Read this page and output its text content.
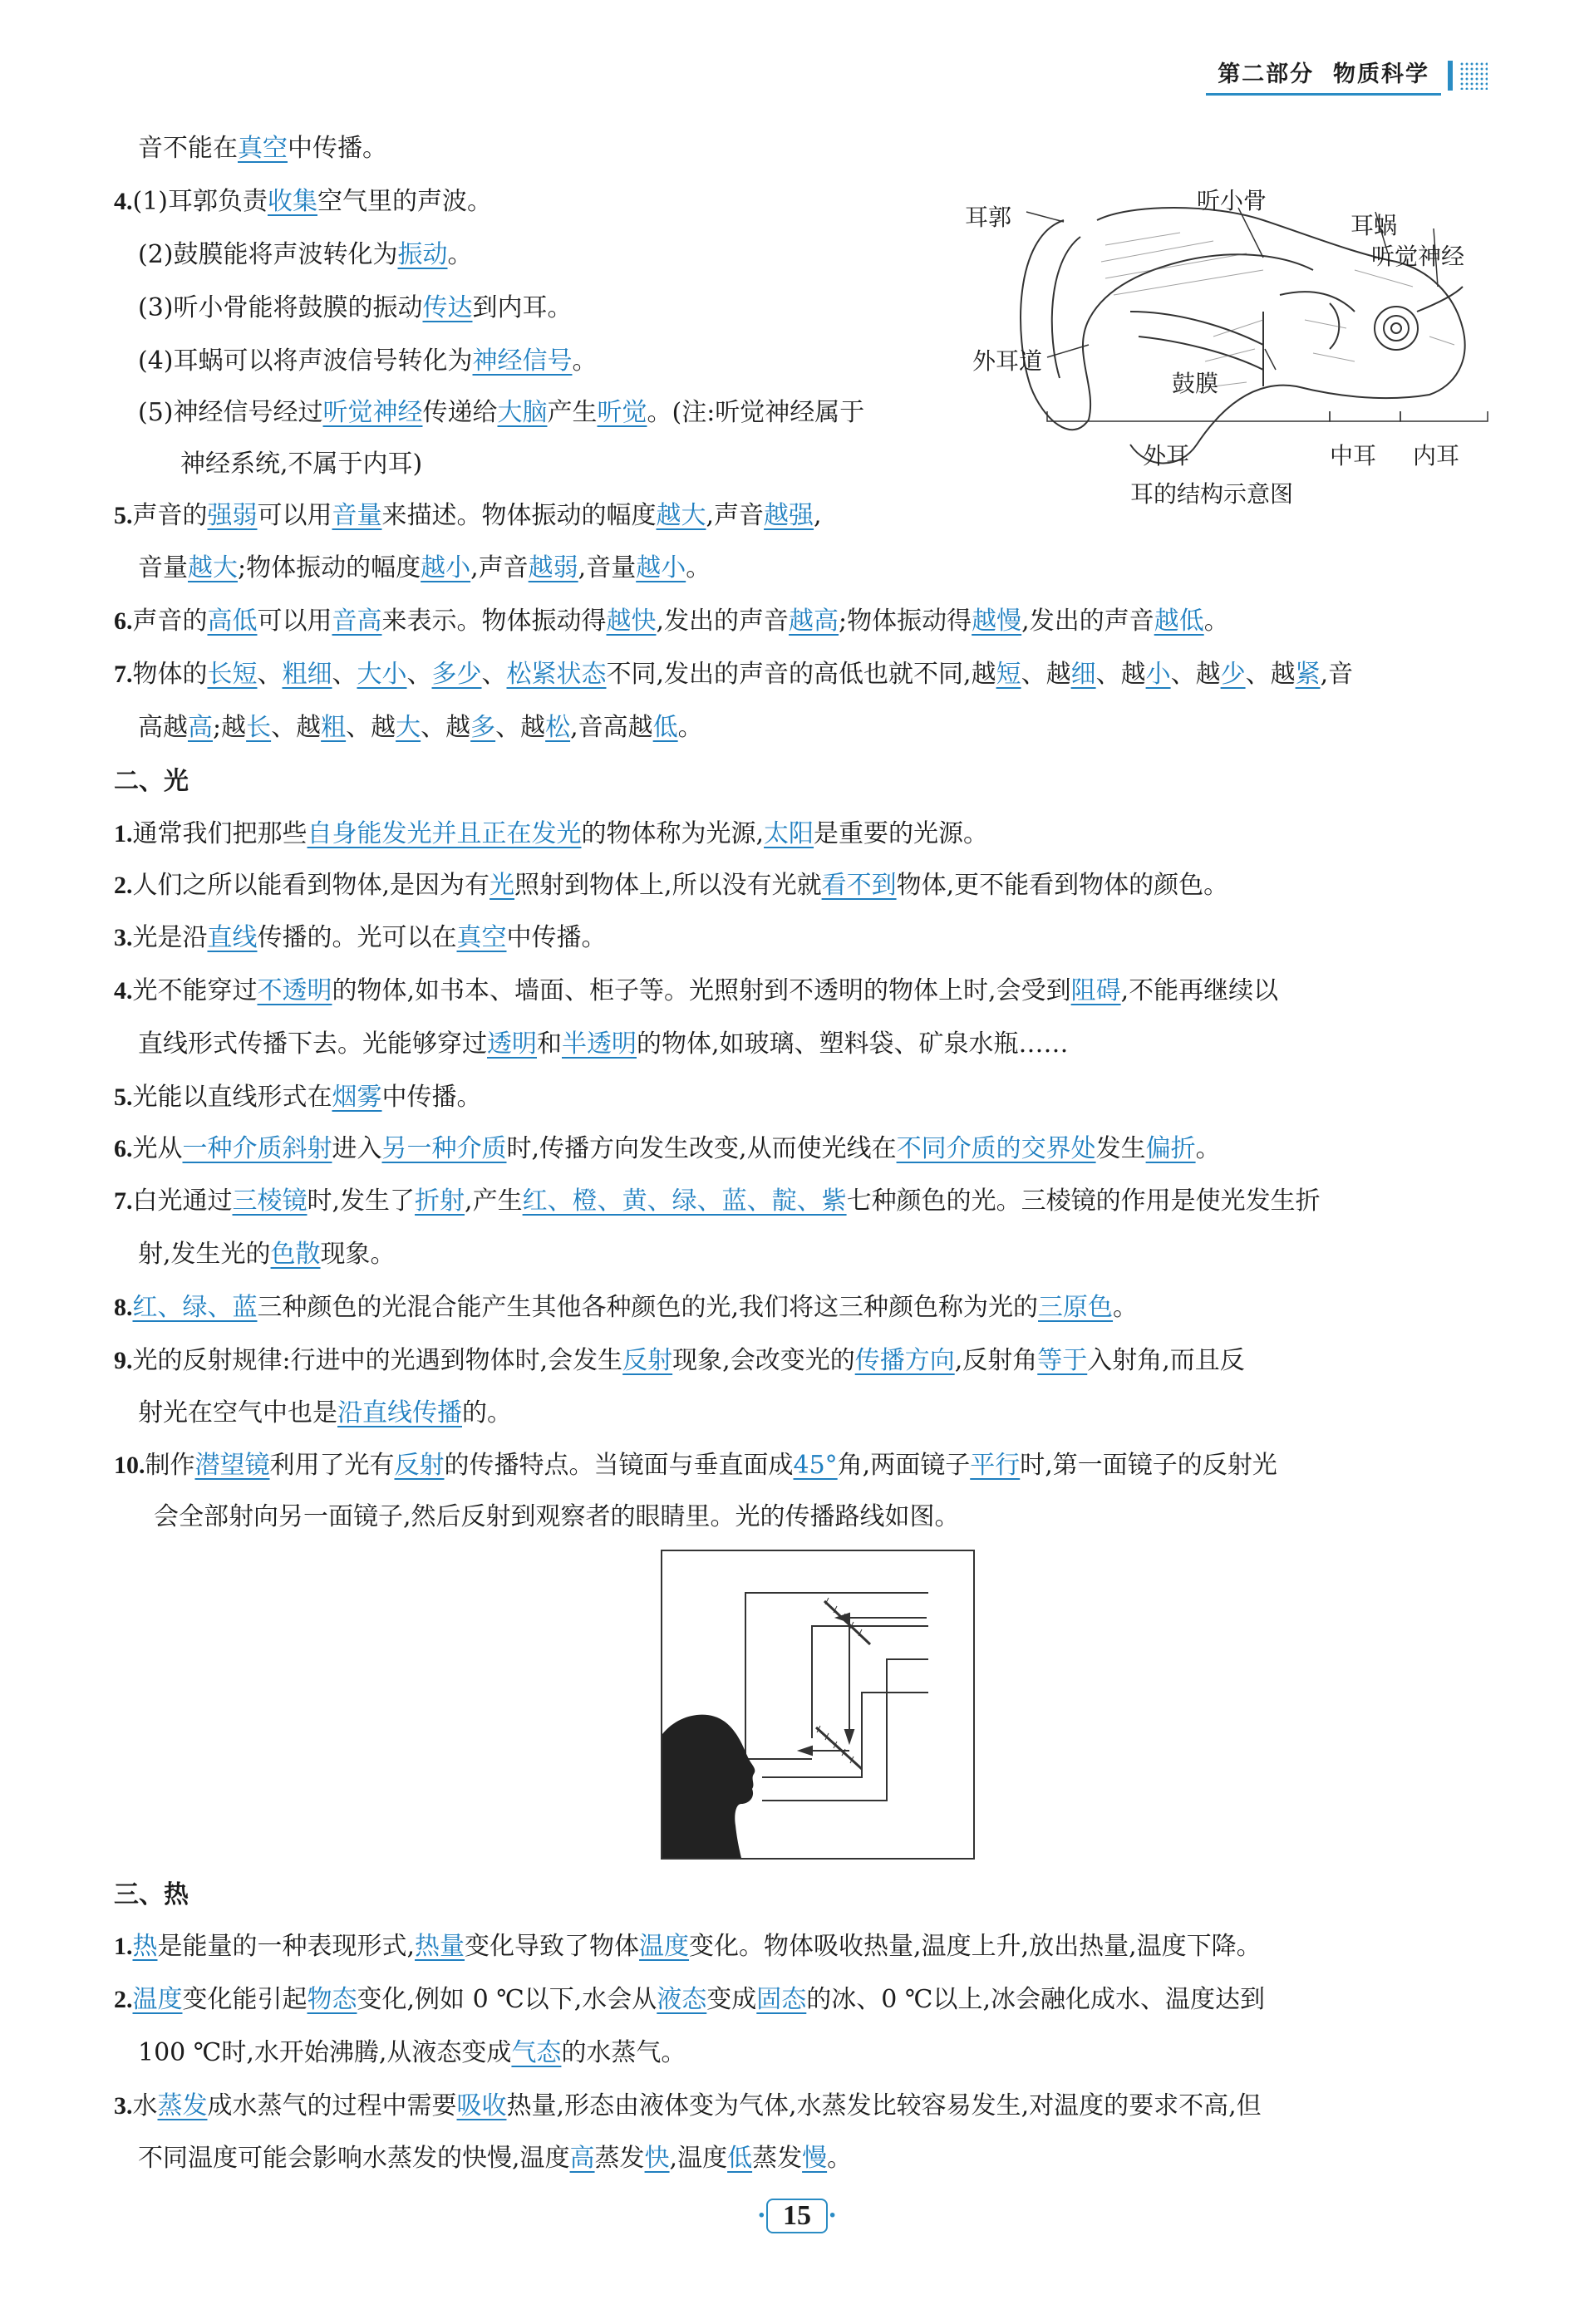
第二部分 物质科学
音不能在真空中传播。
4.(1)耳郭负责收集空气里的声波。
(2)鼓膜能将声波转化为振动。
(3)听小骨能将鼓膜的振动传达到内耳。
(4)耳蜗可以将声波信号转化为神经信号。
(5)神经信号经过听觉神经传递给大脑产生听觉。(注:听觉神经属于
神经系统,不属于内耳)
耳郭
听小骨
耳蜗
听觉神经
外耳道
鼓膜
外耳	中耳 内耳
耳的结构示意图
5.声音的强弱可以用音量来描述。物体振动的幅度越大,声音越强,
音量越大;物体振动的幅度越小,声音越弱,音量越小。
6.声音的高低可以用音高来表示。物体振动得越快,发出的声音越高;物体振动得越慢,发出的声音越低。
7.物体的长短、粗细、大小、多少、松紧状态不同,发出的声音的高低也就不同,越短、越细、越小、越少、越紧,音
高越高;越长、越粗、越大、越多、越松,音高越低。
二、光
1.通常我们把那些自身能发光并且正在发光的物体称为光源,太阳是重要的光源。
2.人们之所以能看到物体,是因为有光照射到物体上,所以没有光就看不到物体,更不能看到物体的颜色。
3.光是沿直线传播的。光可以在真空中传播。
4.光不能穿过不透明的物体,如书本、墙面、柜子等。光照射到不透明的物体上时,会受到阻碍,不能再继续以
直线形式传播下去。光能够穿过透明和半透明的物体,如玻璃、塑料袋、矿泉水瓶……
5.光能以直线形式在烟雾中传播。
6.光从一种介质斜射进入另一种介质时,传播方向发生改变,从而使光线在不同介质的交界处发生偏折。
7.白光通过三棱镜时,发生了折射,产生红、橙、黄、绿、蓝、靛、紫七种颜色的光。三棱镜的作用是使光发生折
射,发生光的色散现象。
8.红、绿、蓝三种颜色的光混合能产生其他各种颜色的光,我们将这三种颜色称为光的三原色。
9.光的反射规律:行进中的光遇到物体时,会发生反射现象,会改变光的传播方向,反射角等于入射角,而且反
射光在空气中也是沿直线传播的。
10.制作潜望镜利用了光有反射的传播特点。当镜面与垂直面成45°角,两面镜子平行时,第一面镜子的反射光
会全部射向另一面镜子,然后反射到观察者的眼睛里。光的传播路线如图。
三、热
1.热是能量的一种表现形式,热量变化导致了物体温度变化。物体吸收热量,温度上升,放出热量,温度下降。
2.温度变化能引起物态变化,例如 0 ℃以下,水会从液态变成固态的冰、0 ℃以上,冰会融化成水、温度达到
100 ℃时,水开始沸腾,从液态变成气态的水蒸气。
3.水蒸发成水蒸气的过程中需要吸收热量,形态由液体变为气体,水蒸发比较容易发生,对温度的要求不高,但
不同温度可能会影响水蒸发的快慢,温度高蒸发快,温度低蒸发慢。
· 15 ·
